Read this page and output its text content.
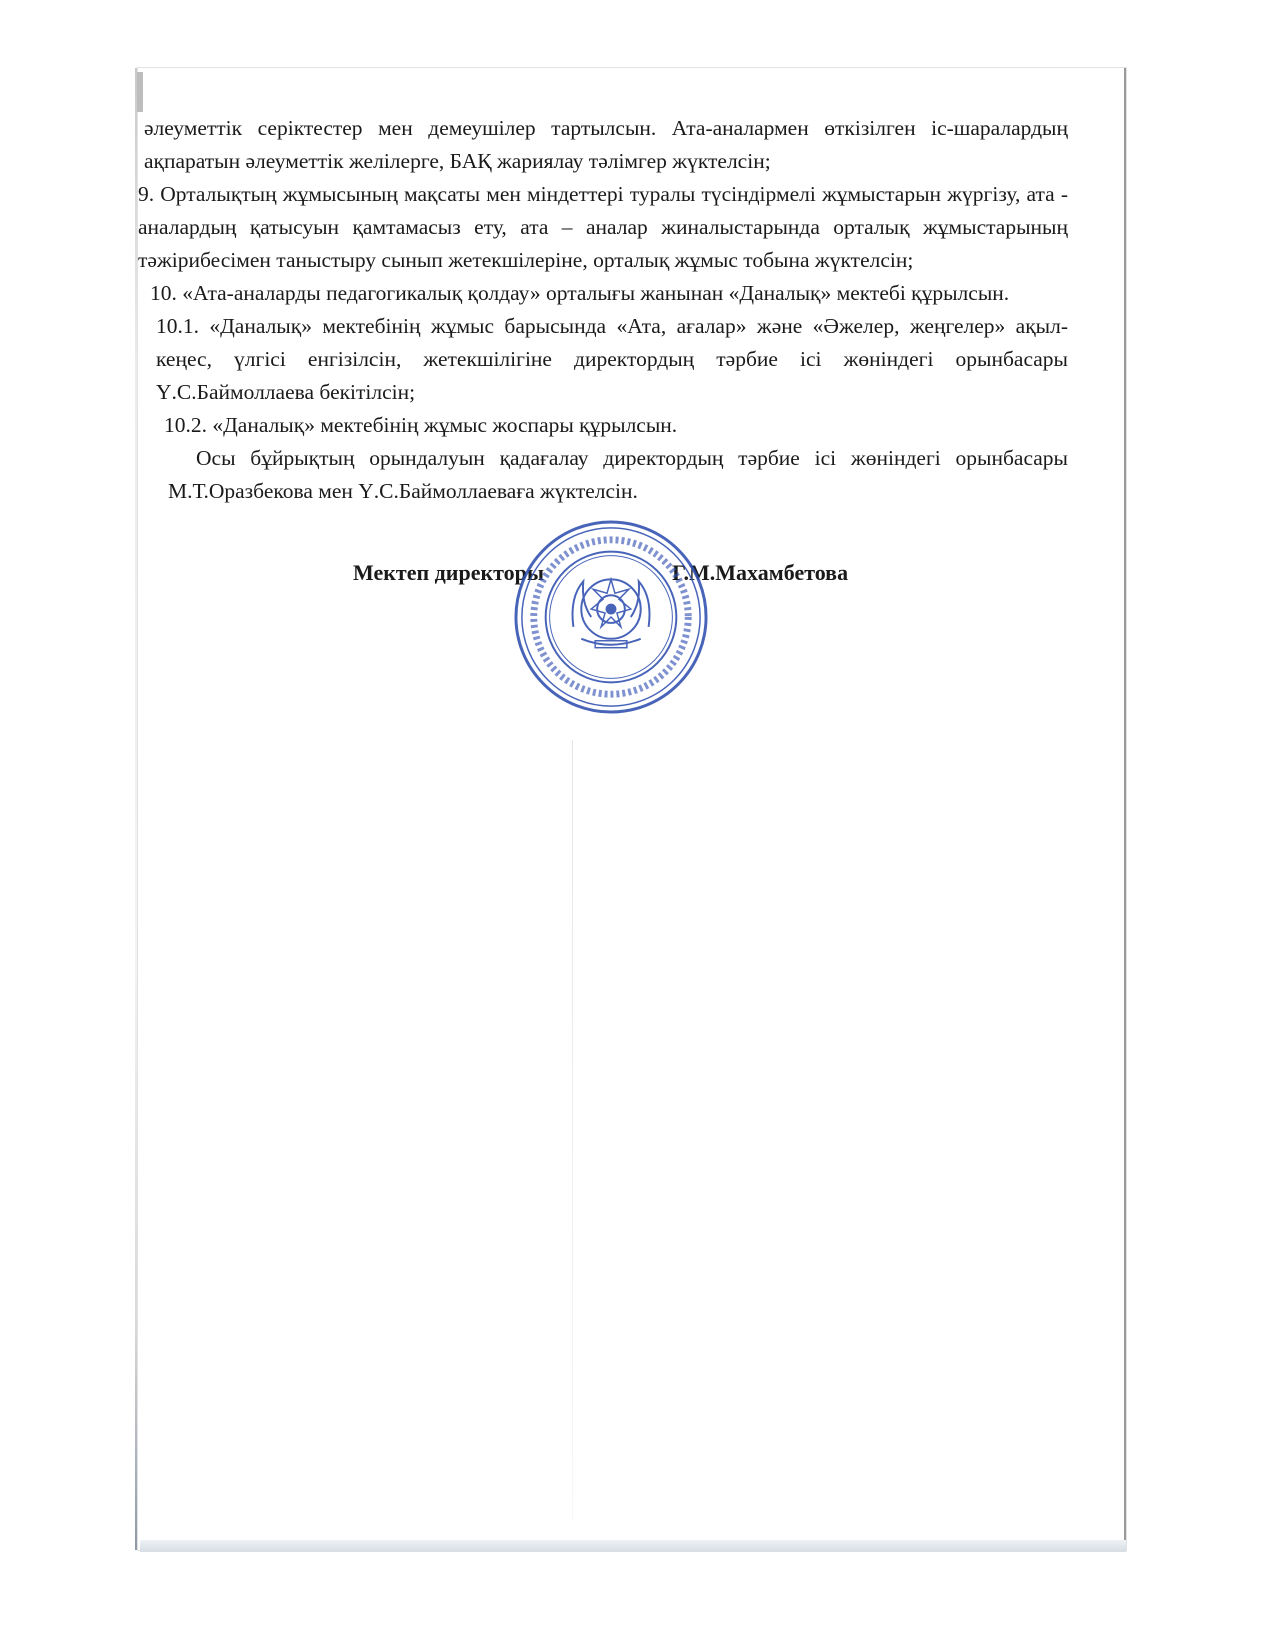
әлеуметтік серіктестер мен демеушілер тартылсын. Ата-аналармен өткізілген іс-шаралардың ақпаратын әлеуметтік желілерге, БАҚ жариялау тәлімгер жүктелсін;

9. Орталықтың жұмысының мақсаты мен міндеттері туралы түсіндірмелі жұмыстарын жүргізу, ата - аналардың қатысуын қамтамасыз ету, ата – аналар жиналыстарында орталық жұмыстарының тәжірибесімен таныстыру сынып жетекшілеріне, орталық жұмыс тобына жүктелсін;

10. «Ата-аналарды педагогикалық қолдау» орталығы жанынан «Даналық» мектебі құрылсын.

10.1. «Даналық» мектебінің жұмыс барысында «Ата, ағалар» және «Әжелер, жеңгелер» ақыл-кеңес, үлгісі енгізілсін, жетекшілігіне директордың тәрбие ісі жөніндегі орынбасары Ү.С.Баймоллаева бекітілсін;

10.2. «Даналық» мектебінің жұмыс жоспары құрылсын.

Осы бұйрықтың орындалуын қадағалау директордың тәрбие ісі жөніндегі орынбасары М.Т.Оразбекова мен Ү.С.Баймоллаеваға жүктелсін.

Мектеп директоры	Г.М.Махамбетова
